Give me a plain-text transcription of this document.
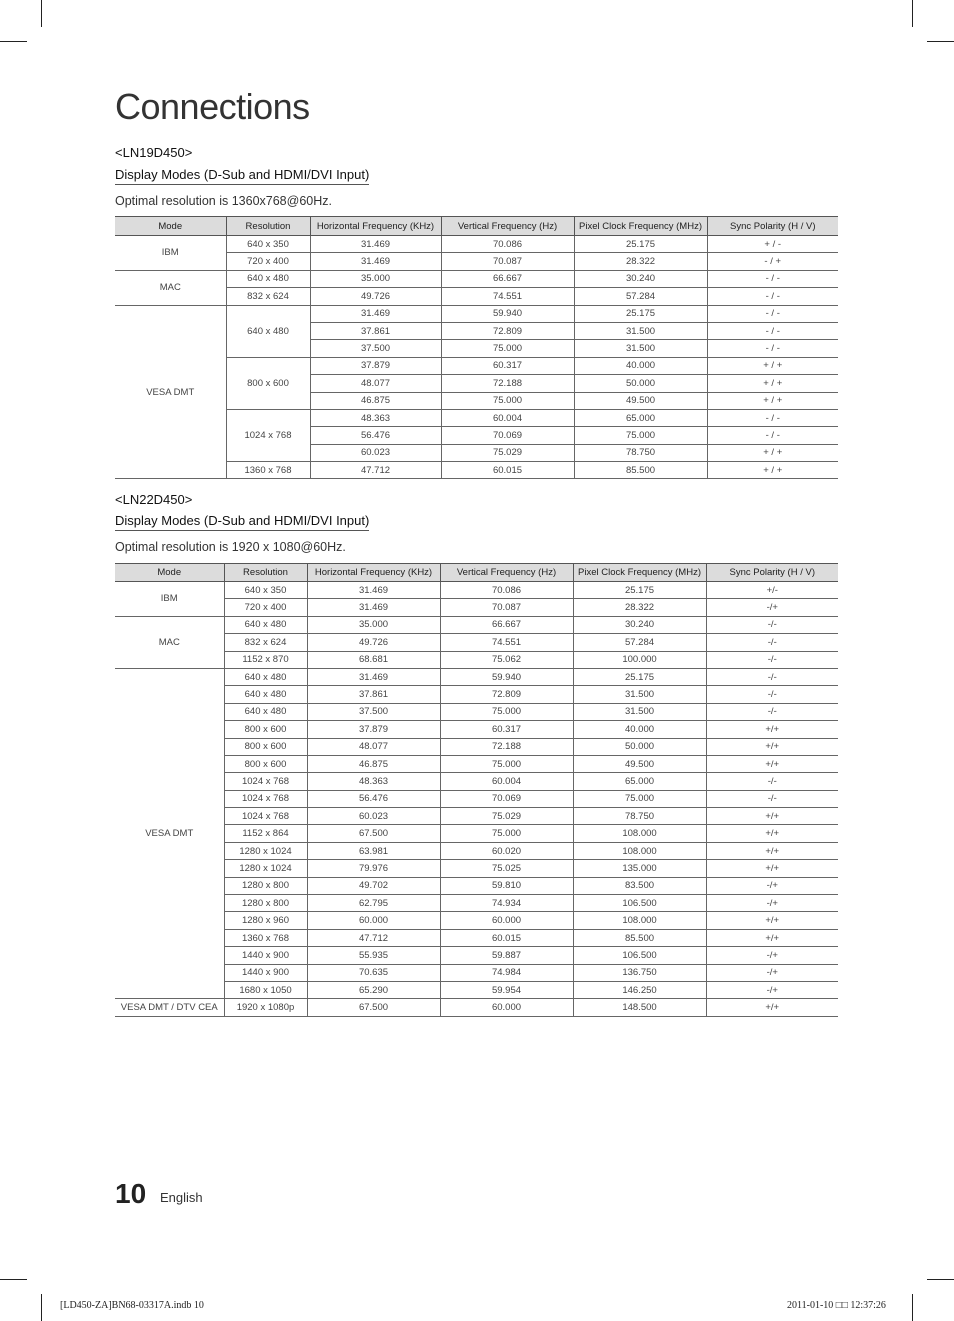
Connections
<LN19D450>
Display Modes (D-Sub and HDMI/DVI Input)
Optimal resolution is 1360x768@60Hz.
Mode	Resolution	Horizontal Frequency (KHz)	Vertical Frequency (Hz)	Pixel Clock Frequency (MHz)	Sync Polarity (H / V)
IBM	640 x 350	31.469	70.086	25.175	+ / -
	720 x 400	31.469	70.087	28.322	- / +
MAC	640 x 480	35.000	66.667	30.240	- / -
	832 x 624	49.726	74.551	57.284	- / -
VESA DMT	640 x 480	31.469	59.940	25.175	- / -
		37.861	72.809	31.500	- / -
		37.500	75.000	31.500	- / -
	800 x 600	37.879	60.317	40.000	+ / +
		48.077	72.188	50.000	+ / +
		46.875	75.000	49.500	+ / +
	1024 x 768	48.363	60.004	65.000	- / -
		56.476	70.069	75.000	- / -
		60.023	75.029	78.750	+ / +
	1360 x 768	47.712	60.015	85.500	+ / +
<LN22D450>
Display Modes (D-Sub and HDMI/DVI Input)
Optimal resolution is 1920 x 1080@60Hz.
Mode	Resolution	Horizontal Frequency (KHz)	Vertical Frequency (Hz)	Pixel Clock Frequency (MHz)	Sync Polarity (H / V)
IBM	640 x 350	31.469	70.086	25.175	+/-
	720 x 400	31.469	70.087	28.322	-/+
MAC	640 x 480	35.000	66.667	30.240	-/-
	832 x 624	49.726	74.551	57.284	-/-
	1152 x 870	68.681	75.062	100.000	-/-
VESA DMT	640 x 480	31.469	59.940	25.175	-/-
	640 x 480	37.861	72.809	31.500	-/-
	640 x 480	37.500	75.000	31.500	-/-
	800 x 600	37.879	60.317	40.000	+/+
	800 x 600	48.077	72.188	50.000	+/+
	800 x 600	46.875	75.000	49.500	+/+
	1024 x 768	48.363	60.004	65.000	-/-
	1024 x 768	56.476	70.069	75.000	-/-
	1024 x 768	60.023	75.029	78.750	+/+
	1152 x 864	67.500	75.000	108.000	+/+
	1280 x 1024	63.981	60.020	108.000	+/+
	1280 x 1024	79.976	75.025	135.000	+/+
	1280 x 800	49.702	59.810	83.500	-/+
	1280 x 800	62.795	74.934	106.500	-/+
	1280 x 960	60.000	60.000	108.000	+/+
	1360 x 768	47.712	60.015	85.500	+/+
	1440 x 900	55.935	59.887	106.500	-/+
	1440 x 900	70.635	74.984	136.750	-/+
	1680 x 1050	65.290	59.954	146.250	-/+
VESA DMT / DTV CEA	1920 x 1080p	67.500	60.000	148.500	+/+
10 English
[LD450-ZA]BN68-03317A.indb 10	2011-01-10 □□ 12:37:26
